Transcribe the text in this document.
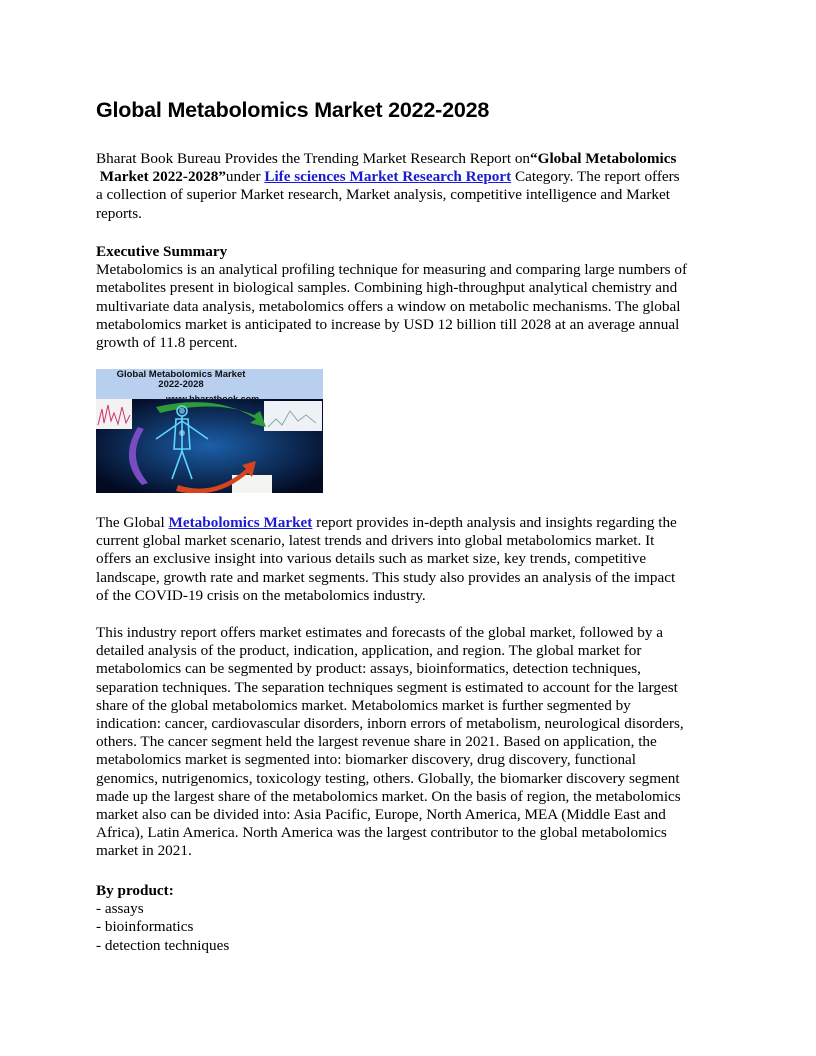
Global Metabolomics Market 2022-2028
Bharat Book Bureau Provides the Trending Market Research Report on“Global Metabolomics
Market 2022-2028”under Life sciences Market Research Report Category. The report offers
a collection of superior Market research, Market analysis, competitive intelligence and Market
reports.
Executive Summary
Metabolomics is an analytical profiling technique for measuring and comparing large numbers of
metabolites present in biological samples. Combining high-throughput analytical chemistry and
multivariate data analysis, metabolomics offers a window on metabolic mechanisms. The global
metabolomics market is anticipated to increase by USD 12 billion till 2028 at an average annual
growth of 11.8 percent.
Global Metabolomics Market
2022-2028
The Global Metabolomics Market report provides in-depth analysis and insights regarding the
current global market scenario, latest trends and drivers into global metabolomics market. It
offers an exclusive insight into various details such as market size, key trends, competitive
landscape, growth rate and market segments. This study also provides an analysis of the impact
of the COVID-19 crisis on the metabolomics industry.
This industry report offers market estimates and forecasts of the global market, followed by a
detailed analysis of the product, indication, application, and region. The global market for
metabolomics can be segmented by product: assays, bioinformatics, detection techniques,
separation techniques. The separation techniques segment is estimated to account for the largest
share of the global metabolomics market. Metabolomics market is further segmented by
indication: cancer, cardiovascular disorders, inborn errors of metabolism, neurological disorders,
others. The cancer segment held the largest revenue share in 2021. Based on application, the
metabolomics market is segmented into: biomarker discovery, drug discovery, functional
genomics, nutrigenomics, toxicology testing, others. Globally, the biomarker discovery segment
made up the largest share of the metabolomics market. On the basis of region, the metabolomics
market also can be divided into: Asia Pacific, Europe, North America, MEA (Middle East and
Africa), Latin America. North America was the largest contributor to the global metabolomics
market in 2021.
By product:
- assays
- bioinformatics
- detection techniques
